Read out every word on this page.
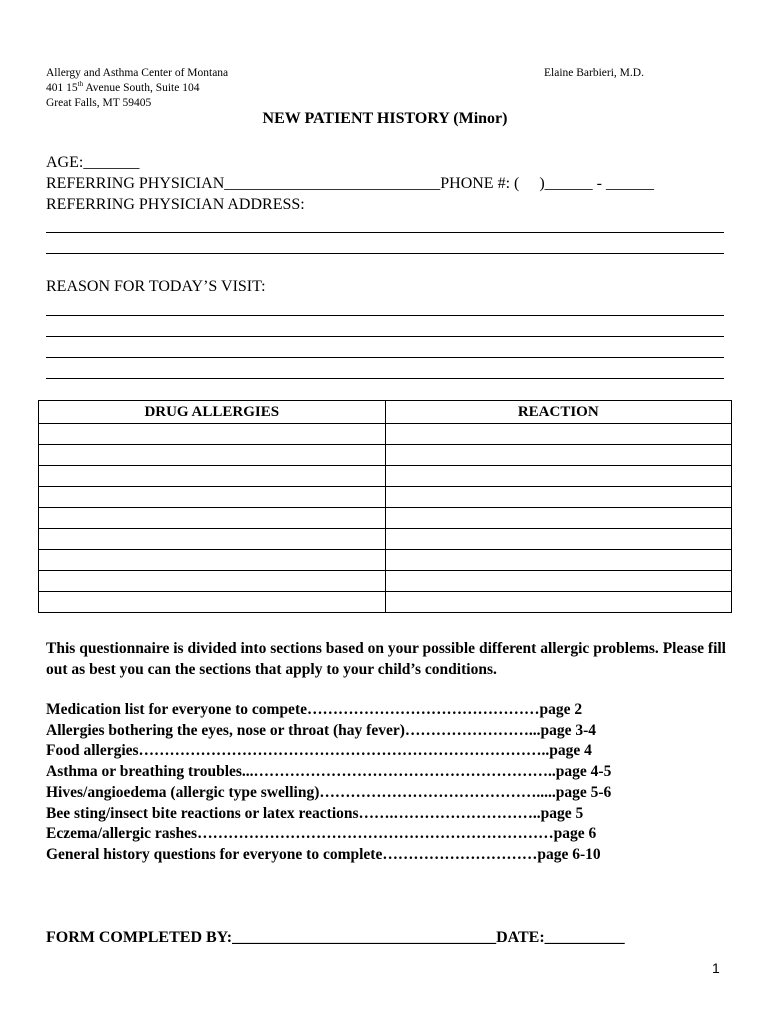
Allergy and Asthma Center of Montana
401 15th Avenue South, Suite 104
Great Falls, MT 59405
Elaine Barbieri, M.D.
NEW PATIENT HISTORY (Minor)
AGE:_______
REFERRING PHYSICIAN___________________________PHONE #: (     )______ - ______
REFERRING PHYSICIAN ADDRESS:
REASON FOR TODAY’S VISIT:
DRUG ALLERGIES	REACTION

This questionnaire is divided into sections based on your possible different allergic problems. Please fill out as best you can the sections that apply to your child’s conditions.
Medication list for everyone to compete………………………………………page 2
Allergies bothering the eyes, nose or throat (hay fever)……………………...page 3-4
Food allergies……………………………………………………………………..page 4
Asthma or breathing troubles...…………………………………………………..page 4-5
Hives/angioedema (allergic type swelling)…………………………………….....page 5-6
Bee sting/insect bite reactions or latex reactions…….………………………..page 5
Eczema/allergic rashes……………………………………………………………page 6
General history questions for everyone to complete…………………………page 6-10
FORM COMPLETED BY:_________________________________DATE:__________
1
